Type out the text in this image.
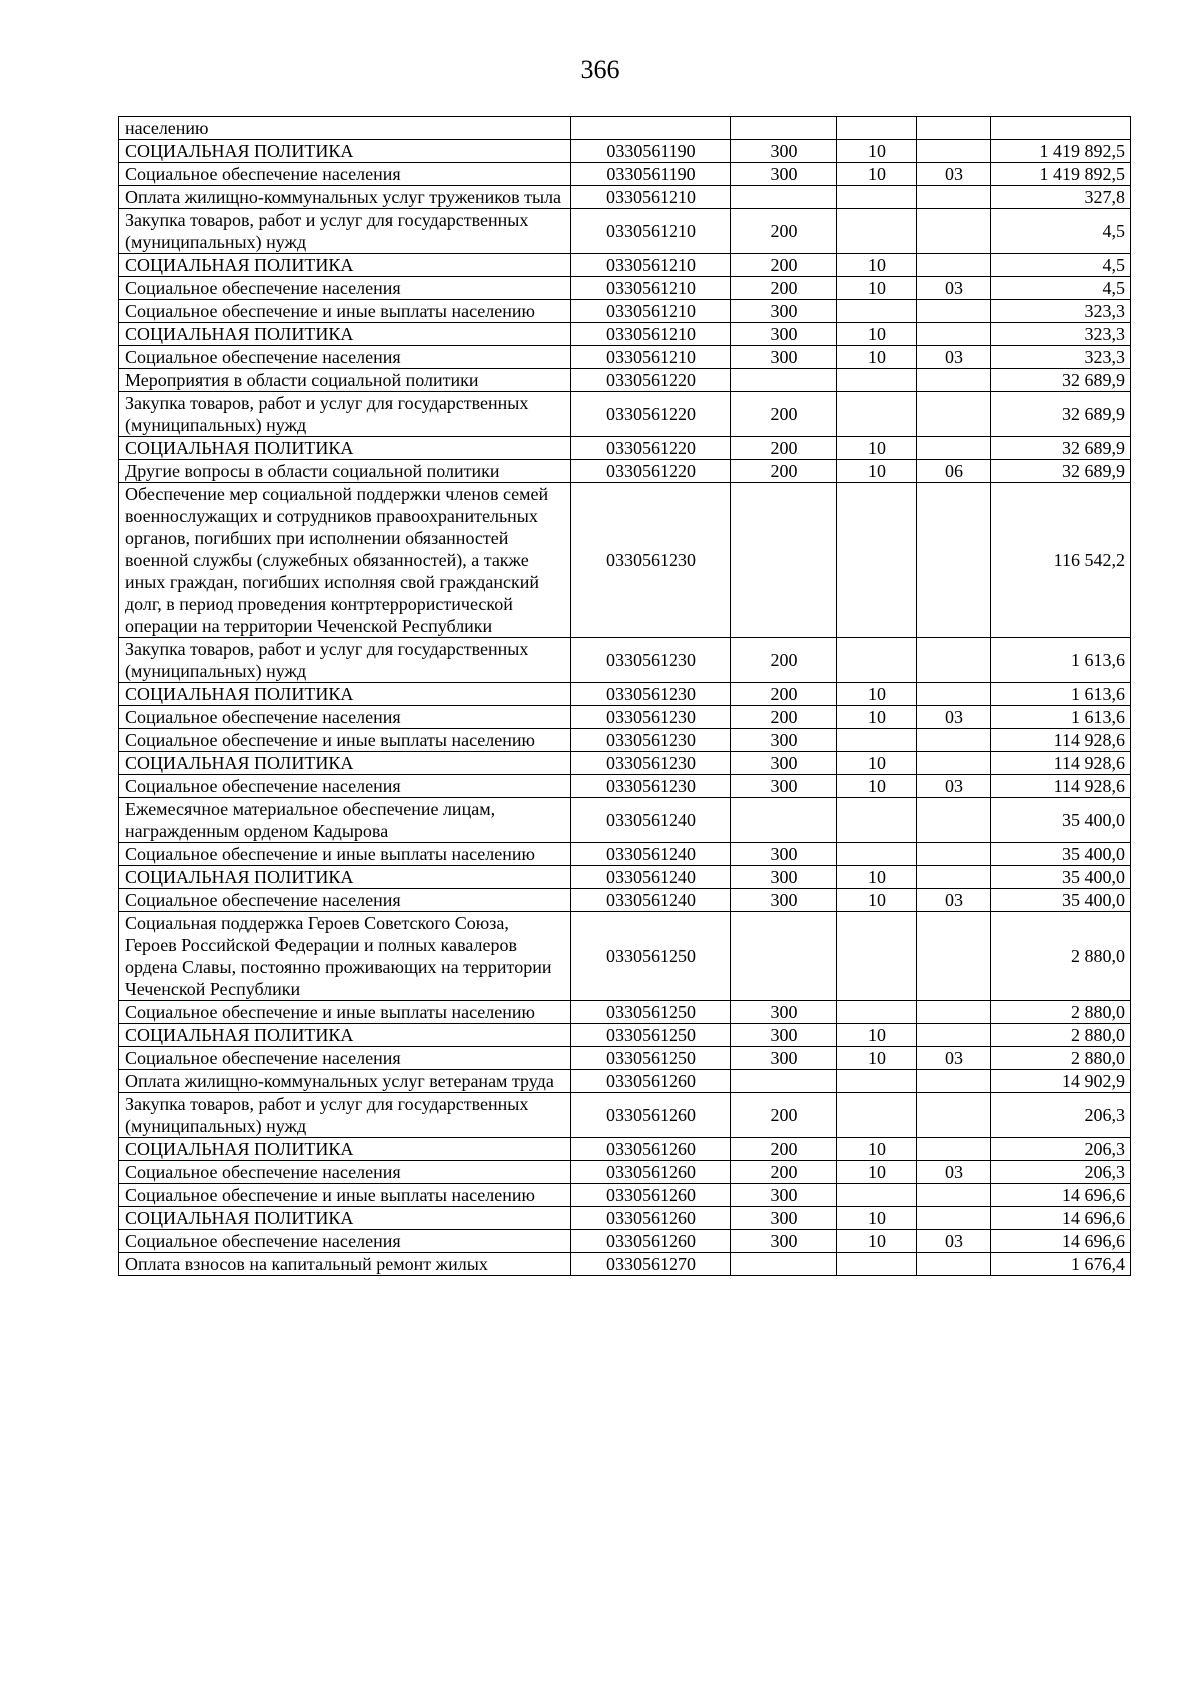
366
населению					
СОЦИАЛЬНАЯ ПОЛИТИКА	0330561190	300	10		1 419 892,5
Социальное обеспечение населения	0330561190	300	10	03	1 419 892,5
Оплата жилищно-коммунальных услуг тружеников тыла	0330561210				327,8
Закупка товаров, работ и услуг для государственных (муниципальных) нужд	0330561210	200			4,5
СОЦИАЛЬНАЯ ПОЛИТИКА	0330561210	200	10		4,5
Социальное обеспечение населения	0330561210	200	10	03	4,5
Социальное обеспечение и иные выплаты населению	0330561210	300			323,3
СОЦИАЛЬНАЯ ПОЛИТИКА	0330561210	300	10		323,3
Социальное обеспечение населения	0330561210	300	10	03	323,3
Мероприятия в области социальной политики	0330561220				32 689,9
Закупка товаров, работ и услуг для государственных (муниципальных) нужд	0330561220	200			32 689,9
СОЦИАЛЬНАЯ ПОЛИТИКА	0330561220	200	10		32 689,9
Другие вопросы в области социальной политики	0330561220	200	10	06	32 689,9
Обеспечение мер социальной поддержки членов семей военнослужащих и сотрудников правоохранительных органов, погибших при исполнении обязанностей военной службы (служебных обязанностей), а также иных граждан, погибших исполняя свой гражданский долг, в период проведения контртеррористической операции на территории Чеченской Республики	0330561230				116 542,2
Закупка товаров, работ и услуг для государственных (муниципальных) нужд	0330561230	200			1 613,6
СОЦИАЛЬНАЯ ПОЛИТИКА	0330561230	200	10		1 613,6
Социальное обеспечение населения	0330561230	200	10	03	1 613,6
Социальное обеспечение и иные выплаты населению	0330561230	300			114 928,6
СОЦИАЛЬНАЯ ПОЛИТИКА	0330561230	300	10		114 928,6
Социальное обеспечение населения	0330561230	300	10	03	114 928,6
Ежемесячное материальное обеспечение лицам, награжденным орденом Кадырова	0330561240				35 400,0
Социальное обеспечение и иные выплаты населению	0330561240	300			35 400,0
СОЦИАЛЬНАЯ ПОЛИТИКА	0330561240	300	10		35 400,0
Социальное обеспечение населения	0330561240	300	10	03	35 400,0
Социальная поддержка Героев Советского Союза, Героев Российской Федерации и полных кавалеров ордена Славы, постоянно проживающих на территории Чеченской Республики	0330561250				2 880,0
Социальное обеспечение и иные выплаты населению	0330561250	300			2 880,0
СОЦИАЛЬНАЯ ПОЛИТИКА	0330561250	300	10		2 880,0
Социальное обеспечение населения	0330561250	300	10	03	2 880,0
Оплата жилищно-коммунальных услуг ветеранам труда	0330561260				14 902,9
Закупка товаров, работ и услуг для государственных (муниципальных) нужд	0330561260	200			206,3
СОЦИАЛЬНАЯ ПОЛИТИКА	0330561260	200	10		206,3
Социальное обеспечение населения	0330561260	200	10	03	206,3
Социальное обеспечение и иные выплаты населению	0330561260	300			14 696,6
СОЦИАЛЬНАЯ ПОЛИТИКА	0330561260	300	10		14 696,6
Социальное обеспечение населения	0330561260	300	10	03	14 696,6
Оплата взносов на капитальный ремонт жилых	0330561270				1 676,4
